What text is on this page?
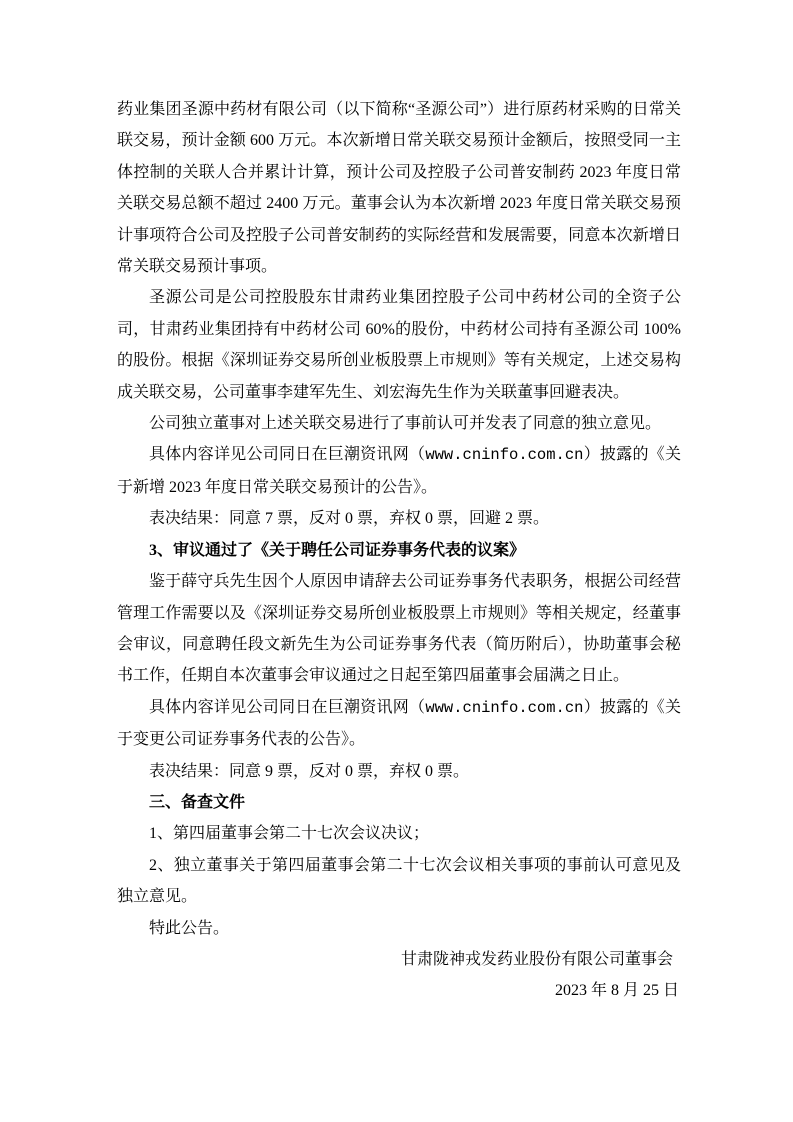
药业集团圣源中药材有限公司（以下简称“圣源公司”）进行原药材采购的日常关联交易，预计金额 600 万元。本次新增日常关联交易预计金额后，按照受同一主体控制的关联人合并累计计算，预计公司及控股子公司普安制药 2023 年度日常关联交易总额不超过 2400 万元。董事会认为本次新增 2023 年度日常关联交易预计事项符合公司及控股子公司普安制药的实际经营和发展需要，同意本次新增日常关联交易预计事项。

圣源公司是公司控股股东甘肃药业集团控股子公司中药材公司的全资子公司，甘肃药业集团持有中药材公司 60%的股份，中药材公司持有圣源公司 100%的股份。根据《深圳证券交易所创业板股票上市规则》等有关规定，上述交易构成关联交易，公司董事李建军先生、刘宏海先生作为关联董事回避表决。

公司独立董事对上述关联交易进行了事前认可并发表了同意的独立意见。

具体内容详见公司同日在巨潮资讯网（www.cninfo.com.cn）披露的《关于新增 2023 年度日常关联交易预计的公告》。

表决结果：同意 7 票，反对 0 票，弃权 0 票，回避 2 票。

3、审议通过了《关于聘任公司证券事务代表的议案》

鉴于薛守兵先生因个人原因申请辞去公司证券事务代表职务，根据公司经营管理工作需要以及《深圳证券交易所创业板股票上市规则》等相关规定，经董事会审议，同意聘任段文新先生为公司证券事务代表（简历附后），协助董事会秘书工作，任期自本次董事会审议通过之日起至第四届董事会届满之日止。

具体内容详见公司同日在巨潮资讯网（www.cninfo.com.cn）披露的《关于变更公司证券事务代表的公告》。

表决结果：同意 9 票，反对 0 票，弃权 0 票。

三、备查文件

1、第四届董事会第二十七次会议决议；

2、独立董事关于第四届董事会第二十七次会议相关事项的事前认可意见及独立意见。

特此公告。

甘肃陇神戎发药业股份有限公司董事会

2023 年 8 月 25 日
